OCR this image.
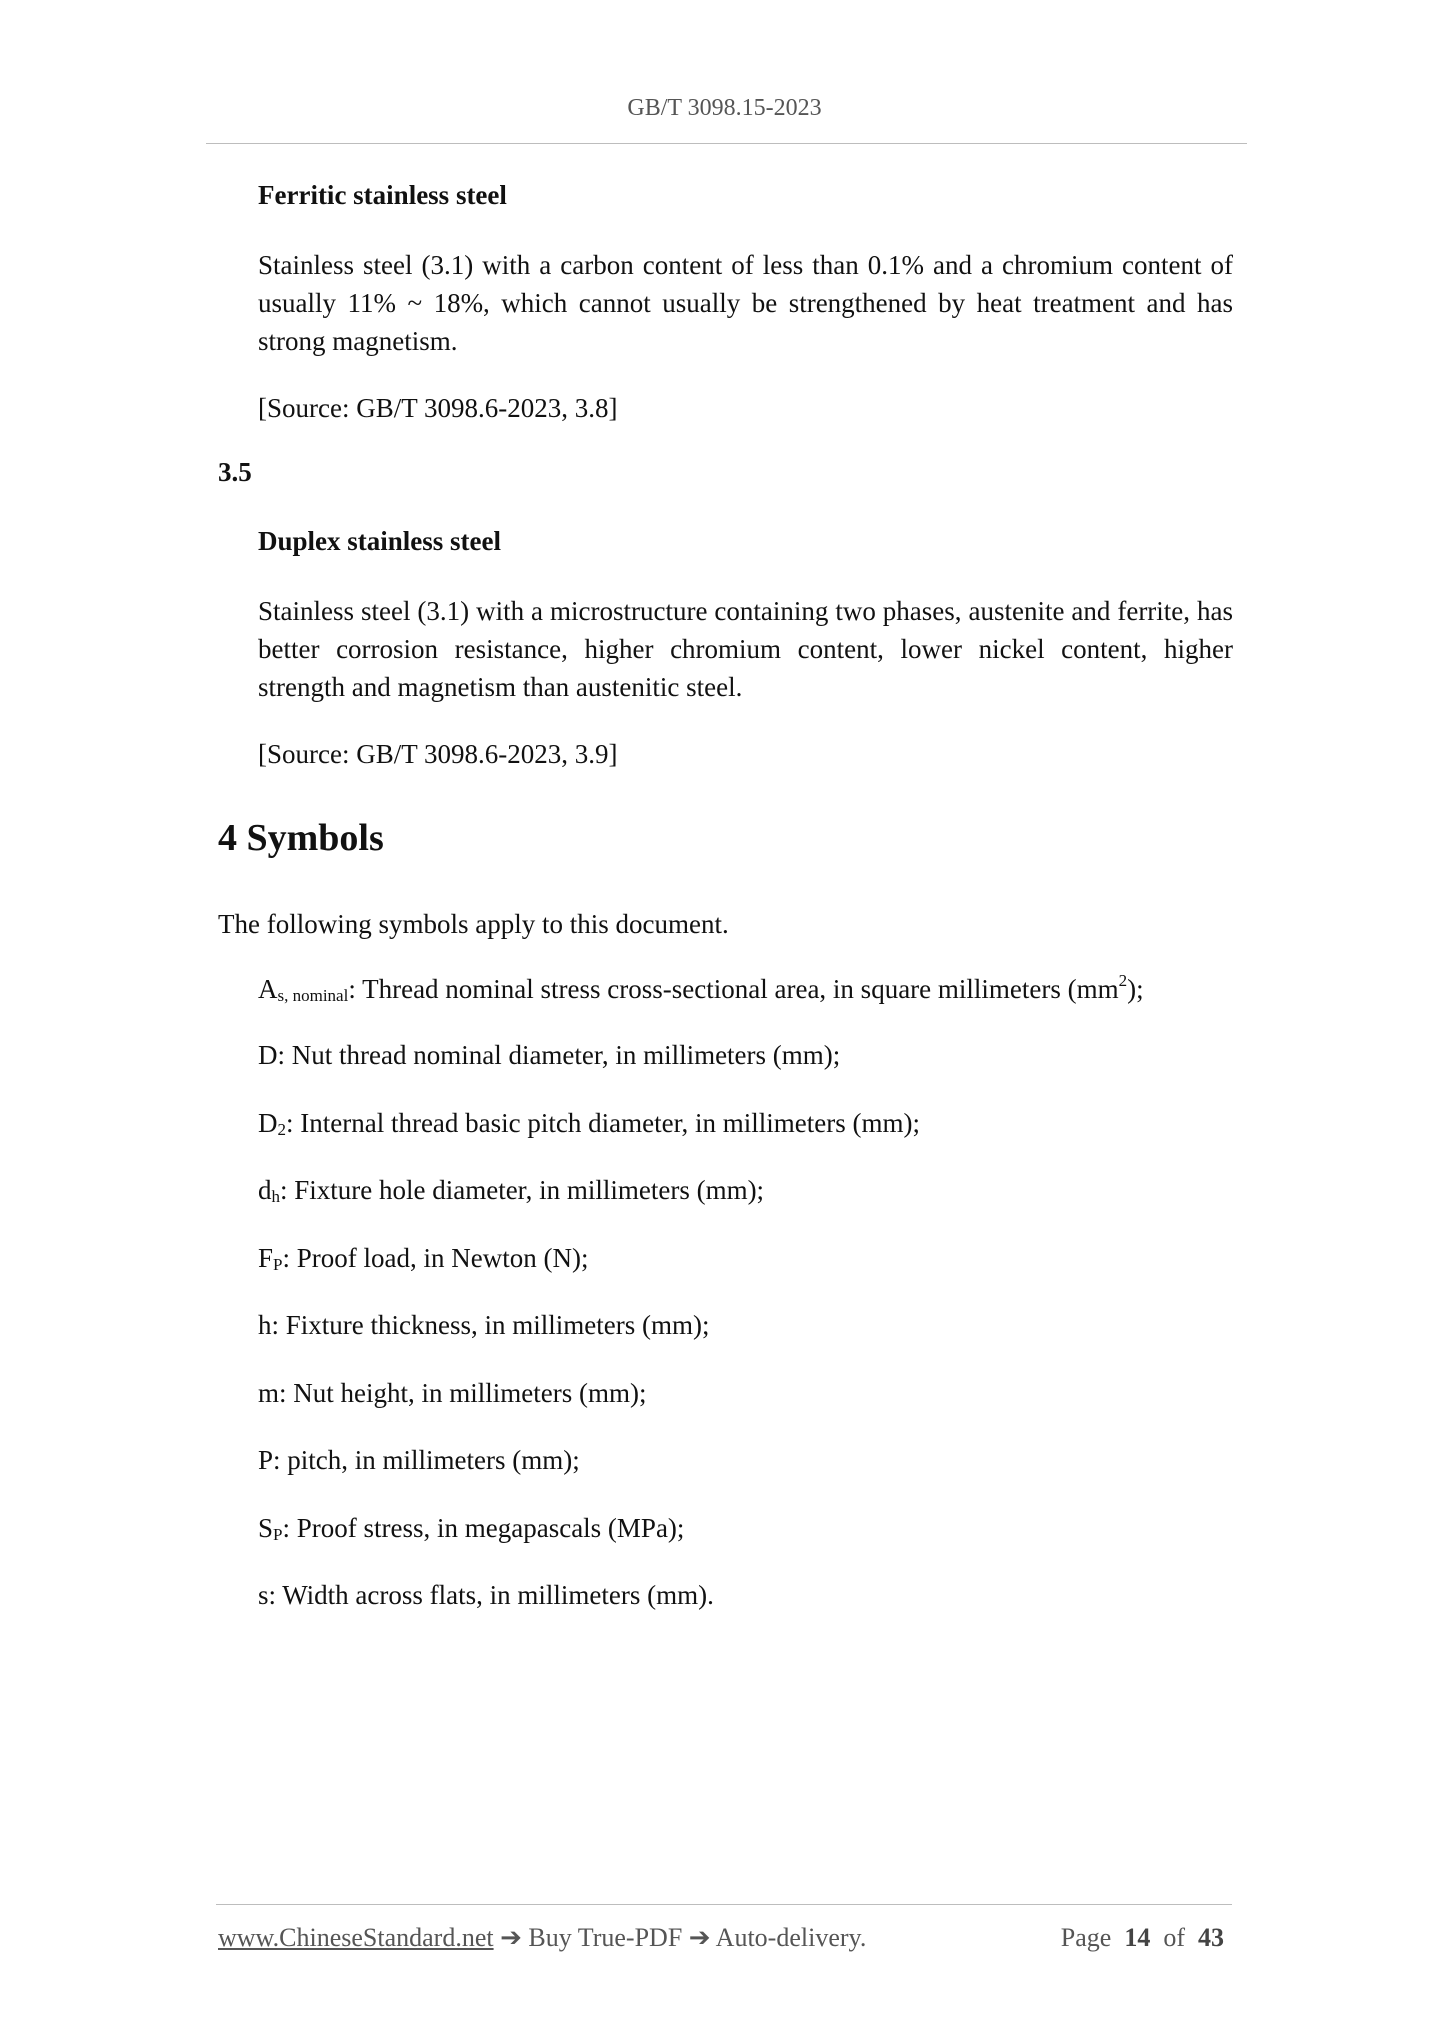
GB/T 3098.15-2023
Ferritic stainless steel
Stainless steel (3.1) with a carbon content of less than 0.1% and a chromium content of usually 11% ~ 18%, which cannot usually be strengthened by heat treatment and has strong magnetism.
[Source: GB/T 3098.6-2023, 3.8]
3.5
Duplex stainless steel
Stainless steel (3.1) with a microstructure containing two phases, austenite and ferrite, has better corrosion resistance, higher chromium content, lower nickel content, higher strength and magnetism than austenitic steel.
[Source: GB/T 3098.6-2023, 3.9]
4 Symbols
The following symbols apply to this document.
$A_{s, nominal}$: Thread nominal stress cross-sectional area, in square millimeters $(mm^2)$;
D: Nut thread nominal diameter, in millimeters (mm);
$D_2$: Internal thread basic pitch diameter, in millimeters (mm);
$d_h$: Fixture hole diameter, in millimeters (mm);
$F_P$: Proof load, in Newton (N);
h: Fixture thickness, in millimeters (mm);
m: Nut height, in millimeters (mm);
P: pitch, in millimeters (mm);
$S_P$: Proof stress, in megapascals (MPa);
s: Width across flats, in millimeters (mm).
www.ChineseStandard.net ➔ Buy True-PDF ➔ Auto-delivery.	Page 14 of 43
